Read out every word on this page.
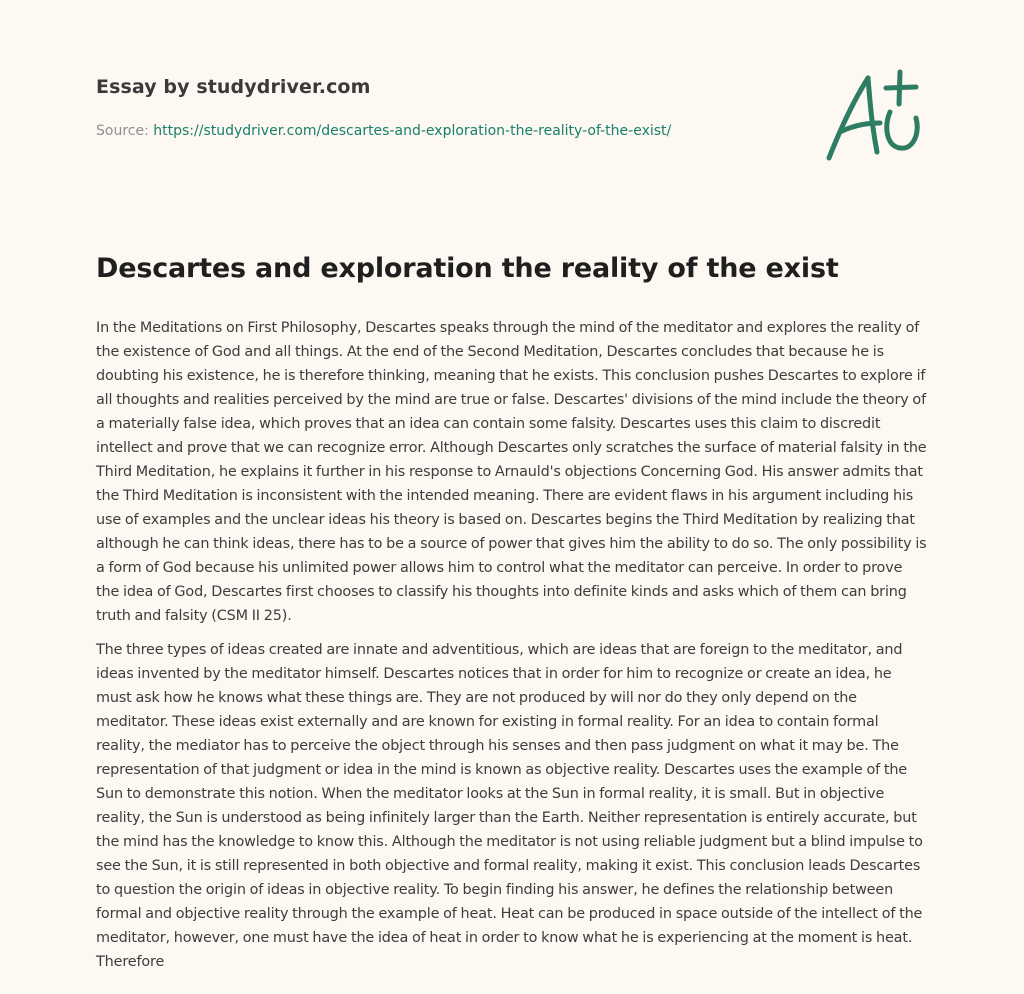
Essay by studydriver.com
Source: https://studydriver.com/descartes-and-exploration-the-reality-of-the-exist/
Descartes and exploration the reality of the exist

In the Meditations on First Philosophy, Descartes speaks through the mind of the meditator and explores the reality of the existence of God and all things. At the end of the Second Meditation, Descartes concludes that because he is doubting his existence, he is therefore thinking, meaning that he exists. This conclusion pushes Descartes to explore if all thoughts and realities perceived by the mind are true or false. Descartes' divisions of the mind include the theory of a materially false idea, which proves that an idea can contain some falsity. Descartes uses this claim to discredit intellect and prove that we can recognize error. Although Descartes only scratches the surface of material falsity in the Third Meditation, he explains it further in his response to Arnauld's objections Concerning God. His answer admits that the Third Meditation is inconsistent with the intended meaning. There are evident flaws in his argument including his use of examples and the unclear ideas his theory is based on. Descartes begins the Third Meditation by realizing that although he can think ideas, there has to be a source of power that gives him the ability to do so. The only possibility is a form of God because his unlimited power allows him to control what the meditator can perceive. In order to prove the idea of God, Descartes first chooses to classify his thoughts into definite kinds and asks which of them can bring truth and falsity (CSM II 25).

The three types of ideas created are innate and adventitious, which are ideas that are foreign to the meditator, and ideas invented by the meditator himself. Descartes notices that in order for him to recognize or create an idea, he must ask how he knows what these things are. They are not produced by will nor do they only depend on the meditator. These ideas exist externally and are known for existing in formal reality. For an idea to contain formal reality, the mediator has to perceive the object through his senses and then pass judgment on what it may be. The representation of that judgment or idea in the mind is known as objective reality. Descartes uses the example of the Sun to demonstrate this notion. When the meditator looks at the Sun in formal reality, it is small. But in objective reality, the Sun is understood as being infinitely larger than the Earth. Neither representation is entirely accurate, but the mind has the knowledge to know this. Although the meditator is not using reliable judgment but a blind impulse to see the Sun, it is still represented in both objective and formal reality, making it exist. This conclusion leads Descartes to question the origin of ideas in objective reality. To begin finding his answer, he defines the relationship between formal and objective reality through the example of heat. Heat can be produced in space outside of the intellect of the meditator, however, one must have the idea of heat in order to know what he is experiencing at the moment is heat. Therefore
